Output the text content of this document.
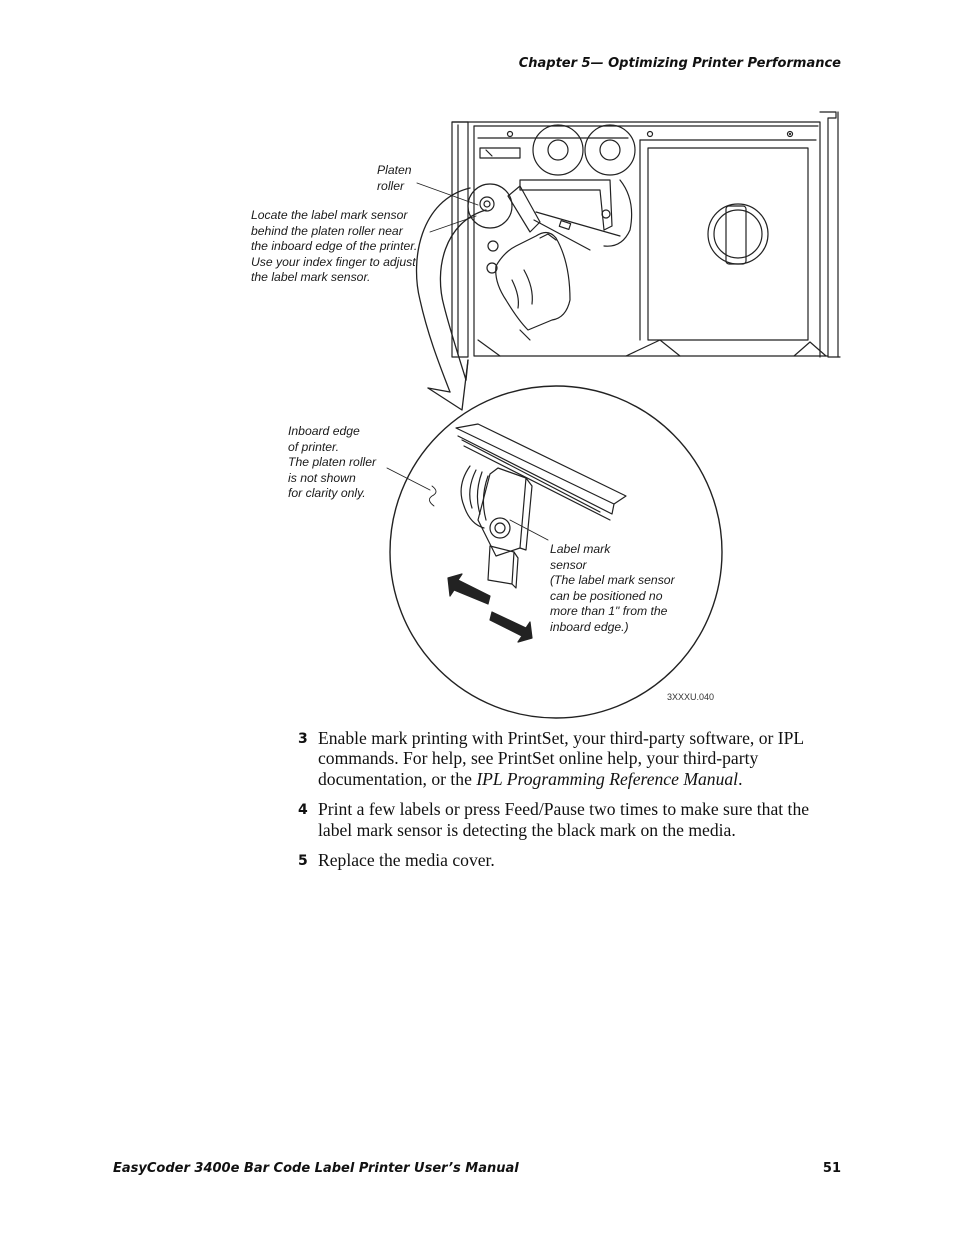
Chapter 5— Optimizing Printer Performance
Platen
roller
Locate the label mark sensor
behind the platen roller near
the inboard edge of the printer.
Use your index finger to adjust
the label mark sensor.
Inboard edge
of printer.
The platen roller
is not shown
for clarity only.
Label mark
sensor
(The label mark sensor
can be positioned no
more than 1" from the
inboard edge.)
3XXXU.040
3 Enable mark printing with PrintSet, your third-party software, or IPL commands. For help, see PrintSet online help, your third-party documentation, or the IPL Programming Reference Manual.
4 Print a few labels or press Feed/Pause two times to make sure that the label mark sensor is detecting the black mark on the media.
5 Replace the media cover.
EasyCoder 3400e Bar Code Label Printer User’s Manual	51
